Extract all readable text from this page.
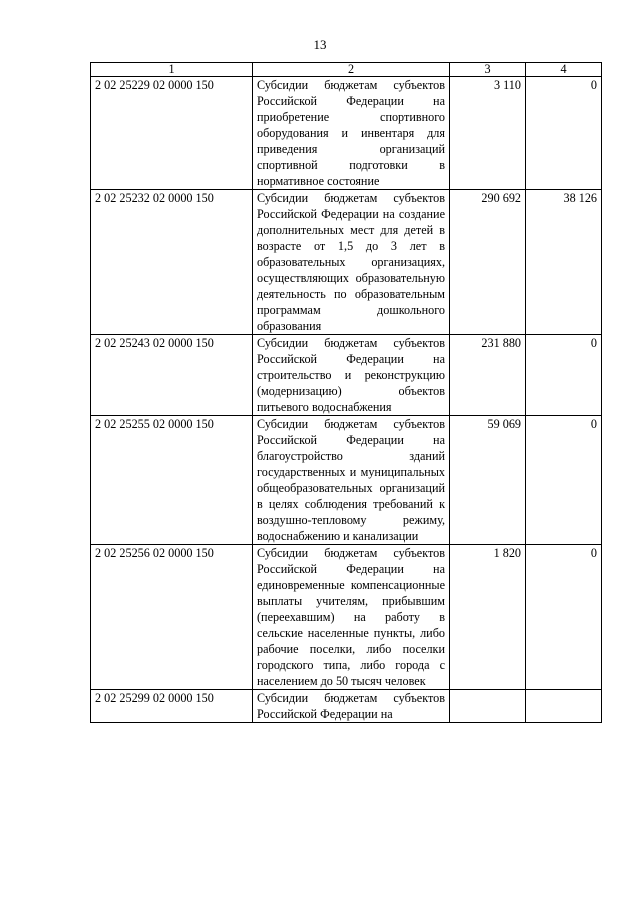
13
1	2	3	4
2 02 25229 02 0000 150	Субсидии бюджетам субъектов Российской Федерации на приобретение спортивного оборудования и инвентаря для приведения организаций спортивной подготовки в нормативное состояние	3 110	0
2 02 25232 02 0000 150	Субсидии бюджетам субъектов Российской Федерации на создание дополнительных мест для детей в возрасте от 1,5 до 3 лет в образовательных организациях, осуществляющих образовательную деятельность по образовательным программам дошкольного образования	290 692	38 126
2 02 25243 02 0000 150	Субсидии бюджетам субъектов Российской Федерации на строительство и реконструкцию (модернизацию) объектов питьевого водоснабжения	231 880	0
2 02 25255 02 0000 150	Субсидии бюджетам субъектов Российской Федерации на благоустройство зданий государственных и муниципальных общеобразовательных организаций в целях соблюдения требований к воздушно-тепловому режиму, водоснабжению и канализации	59 069	0
2 02 25256 02 0000 150	Субсидии бюджетам субъектов Российской Федерации на единовременные компенсационные выплаты учителям, прибывшим (переехавшим) на работу в сельские населенные пункты, либо рабочие поселки, либо поселки городского типа, либо города с населением до 50 тысяч человек	1 820	0
2 02 25299 02 0000 150	Субсидии бюджетам субъектов Российской Федерации на		
